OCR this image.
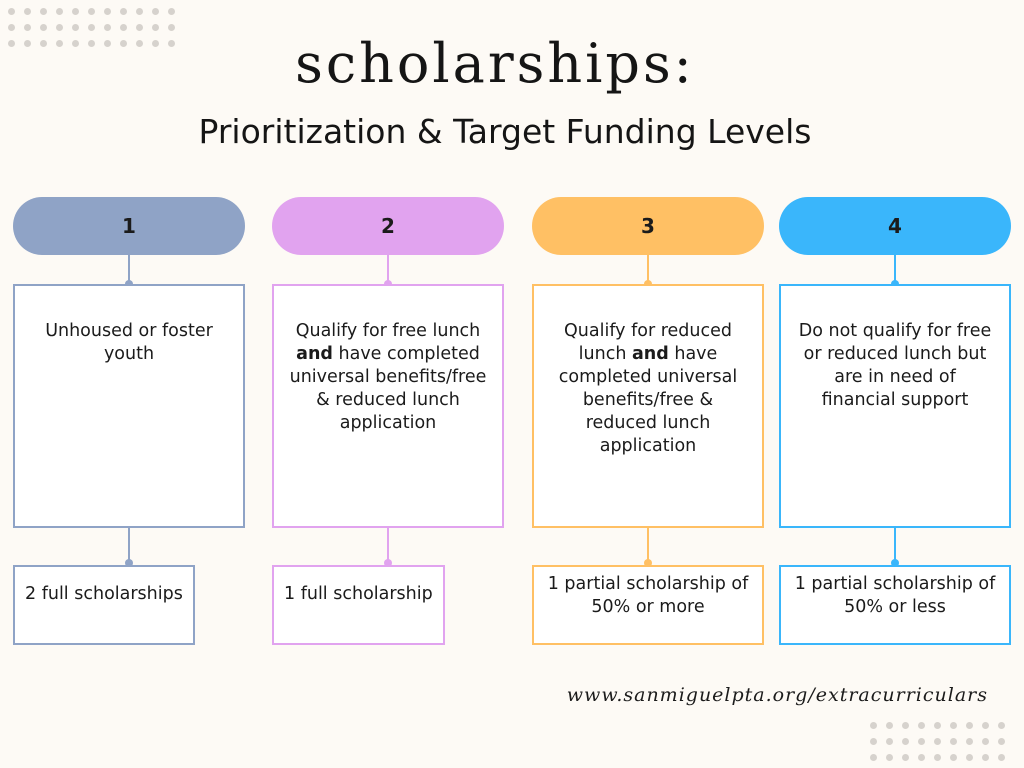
scholarships:
Prioritization & Target Funding Levels
1
Unhoused or foster youth
2 full scholarships
2
Qualify for free lunch and have completed universal benefits/free & reduced lunch application
1 full scholarship
3
Qualify for reduced lunch and have completed universal benefits/free & reduced lunch application
1 partial scholarship of 50% or more
4
Do not qualify for free or reduced lunch but are in need of financial support
1 partial scholarship of 50% or less
www.sanmiguelpta.org/extracurriculars
